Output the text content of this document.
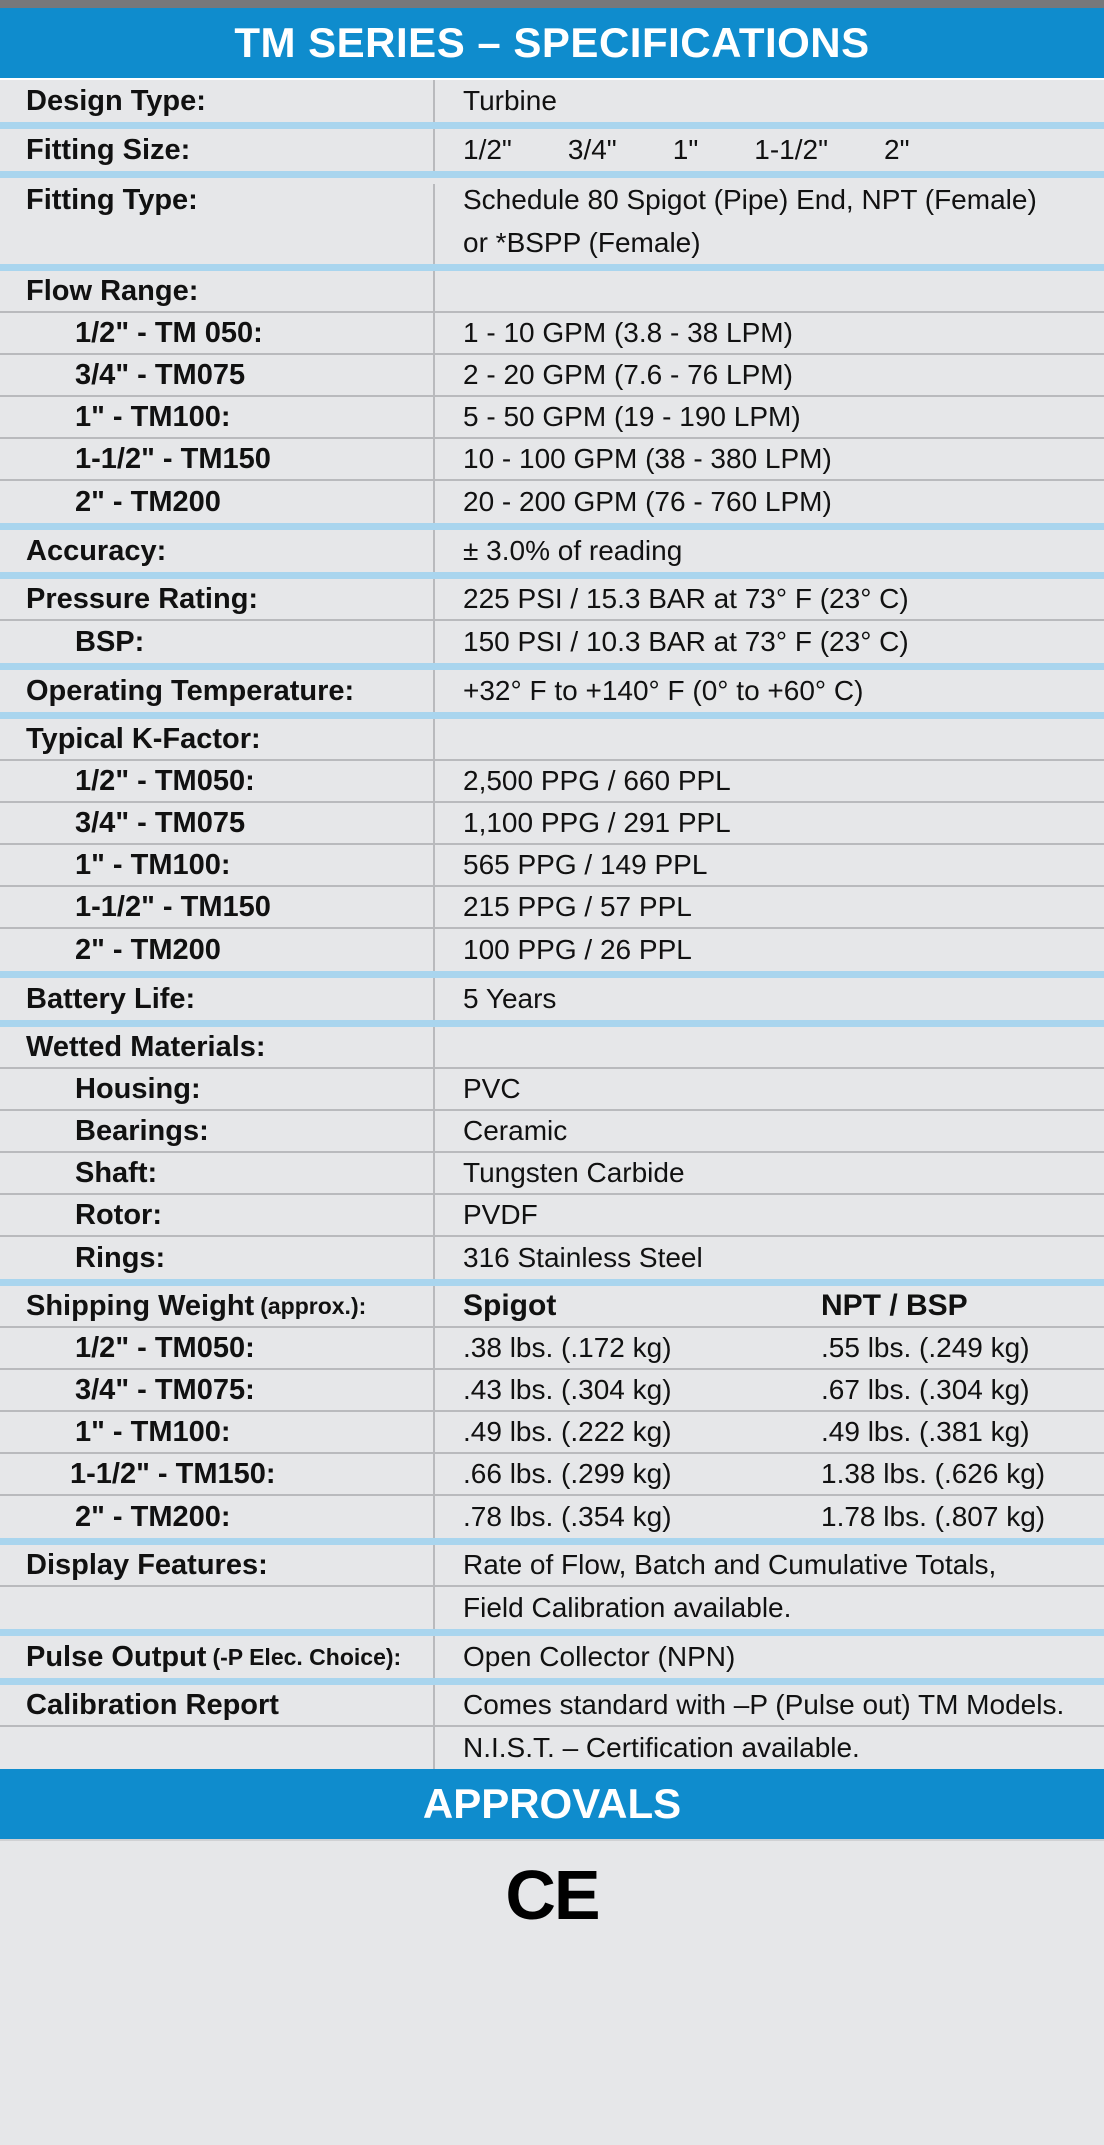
TM SERIES – SPECIFICATIONS
Design Type:	Turbine
Fitting Size:	1/2" 3/4" 1" 1-1/2" 2"
Fitting Type:	Schedule 80 Spigot (Pipe) End, NPT (Female)
or *BSPP (Female)
Flow Range:
1/2" - TM 050:	1 - 10 GPM (3.8 - 38 LPM)
3/4" - TM075	2 - 20 GPM (7.6 - 76 LPM)
1" - TM100:	5 - 50 GPM (19 - 190 LPM)
1-1/2" - TM150	10 - 100 GPM (38 - 380 LPM)
2" - TM200	20 - 200 GPM (76 - 760 LPM)
Accuracy:	± 3.0% of reading
Pressure Rating:	225 PSI / 15.3 BAR at 73° F (23° C)
BSP:	150 PSI / 10.3 BAR at 73° F (23° C)
Operating Temperature:	+32° F to +140° F (0° to +60° C)
Typical K-Factor:
1/2" - TM050:	2,500 PPG / 660 PPL
3/4" - TM075	1,100 PPG / 291 PPL
1" - TM100:	565 PPG / 149 PPL
1-1/2" - TM150	215 PPG / 57 PPL
2" - TM200	100 PPG / 26 PPL
Battery Life:	5 Years
Wetted Materials:
Housing:	PVC
Bearings:	Ceramic
Shaft:	Tungsten Carbide
Rotor:	PVDF
Rings:	316 Stainless Steel
Shipping Weight (approx.):	Spigot	NPT / BSP
1/2" - TM050:	.38 lbs. (.172 kg)	.55 lbs. (.249 kg)
3/4" - TM075:	.43 lbs. (.304 kg)	.67 lbs. (.304 kg)
1" - TM100:	.49 lbs. (.222 kg)	.49 lbs. (.381 kg)
1-1/2" - TM150:	.66 lbs. (.299 kg)	1.38 lbs. (.626 kg)
2" - TM200:	.78 lbs. (.354 kg)	1.78 lbs. (.807 kg)
Display Features:	Rate of Flow, Batch and Cumulative Totals,
Field Calibration available.
Pulse Output (-P Elec. Choice):	Open Collector (NPN)
Calibration Report	Comes standard with –P (Pulse out) TM Models.
N.I.S.T. – Certification available.
APPROVALS
CE
